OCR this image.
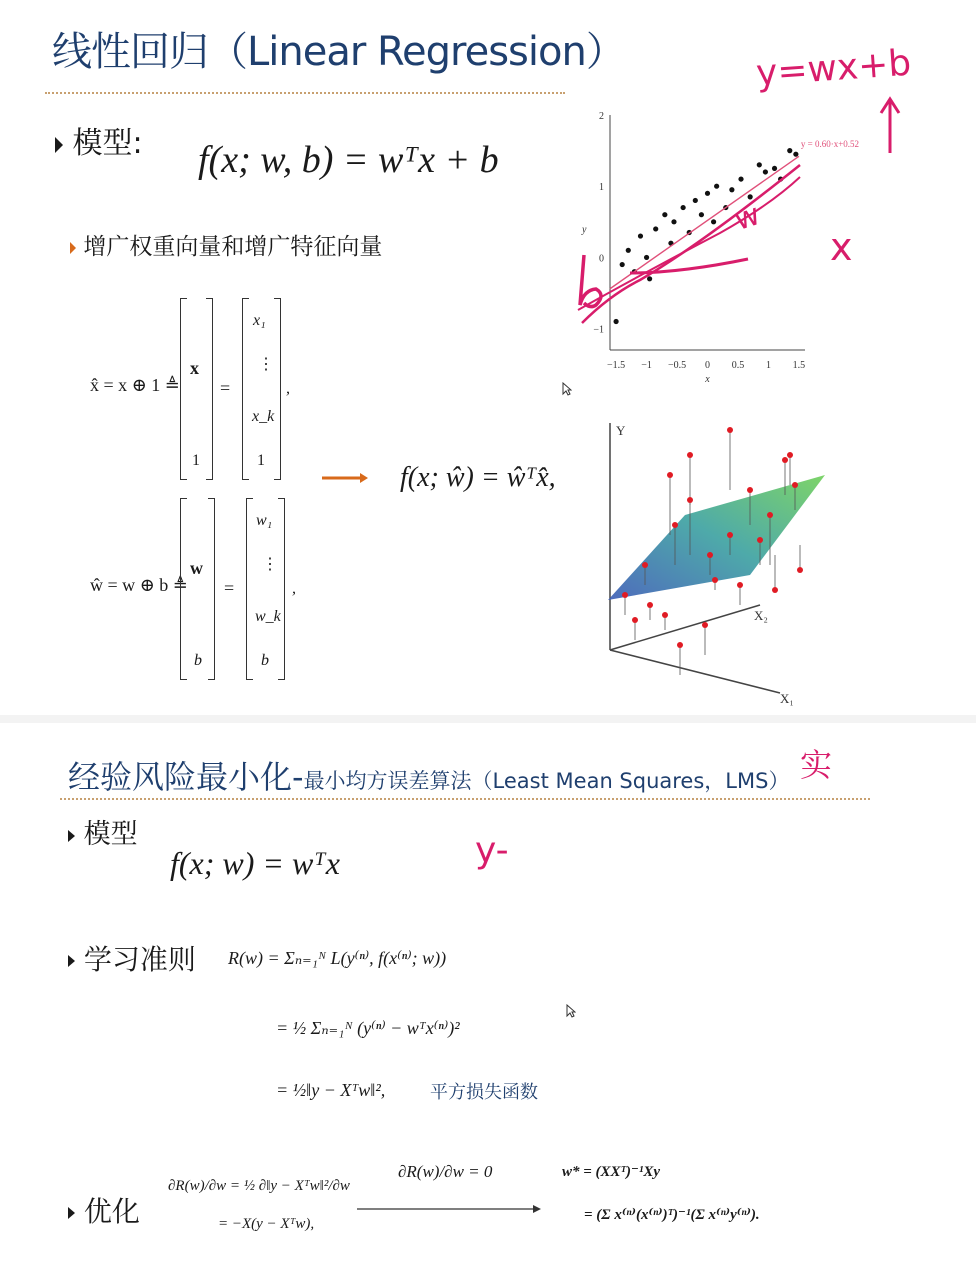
线性回归（Linear Regression）
模型: f(x; w, b) = wᵀx + b
增广权重向量和增广特征向量
x̂ = x ⊕ 1 ≜
x
1
=
x₁
⋮
x_k
1
,
ŵ = w ⊕ b ≜
w
b
=
w₁
⋮
w_k
b
,
f(x; ŵ) = ŵᵀx̂,
−1.5 −1 −0.5 0 0.5 1 1.5
2
1
0
−1
x
y
y = 0.60·x+0.52
y=wx+b
w
x
Y
X₁
X₂
经验风险最小化-最小均方误差算法（Least Mean Squares，LMS） 实
模型
f(x; w) = wᵀx	y-
学习准则 R(w) = Σₙ₌₁ᴺ L(y⁽ⁿ⁾, f(x⁽ⁿ⁾; w))
= ½ Σₙ₌₁ᴺ (y⁽ⁿ⁾ − wᵀx⁽ⁿ⁾)²
= ½‖y − Xᵀw‖², 平方损失函数
优化
∂R(w)/∂w = ½ ∂‖y − Xᵀw‖²/∂w
= −X(y − Xᵀw),
∂R(w)/∂w = 0	w* = (XXᵀ)⁻¹Xy
= (Σ x⁽ⁿ⁾(x⁽ⁿ⁾)ᵀ)⁻¹(Σ x⁽ⁿ⁾y⁽ⁿ⁾).
